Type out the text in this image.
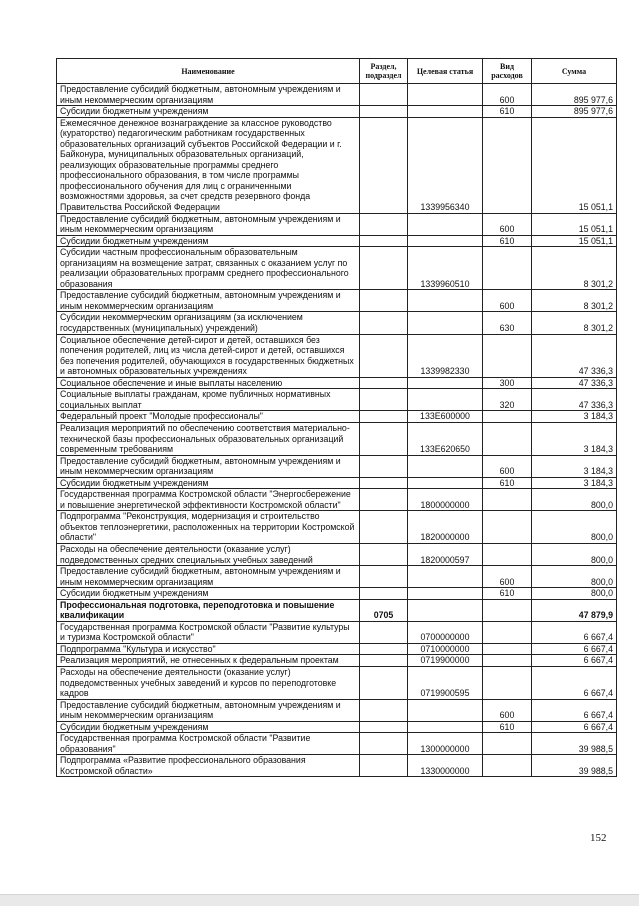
Наименование	Раздел, подраздел	Целевая статья	Вид расходов	Сумма
Предоставление субсидий бюджетным, автономным учреждениям и иным некоммерческим организациям			600	895 977,6
Субсидии бюджетным учреждениям			610	895 977,6
Ежемесячное денежное вознаграждение за классное руководство (кураторство) педагогическим работникам государственных образовательных организаций субъектов Российской Федерации и г. Байконура, муниципальных образовательных организаций, реализующих образовательные программы среднего профессионального образования, в том числе программы профессионального обучения для лиц с ограниченными возможностями здоровья, за счет средств резервного фонда Правительства Российской Федерации		1339956340		15 051,1
Предоставление субсидий бюджетным, автономным учреждениям и иным некоммерческим организациям			600	15 051,1
Субсидии бюджетным учреждениям			610	15 051,1
Субсидии частным профессиональным образовательным организациям на возмещение затрат, связанных с оказанием услуг по реализации образовательных программ среднего профессионального образования		1339960510		8 301,2
Предоставление субсидий бюджетным, автономным учреждениям и иным некоммерческим организациям			600	8 301,2
Субсидии некоммерческим организациям (за исключением государственных (муниципальных) учреждений)			630	8 301,2
Социальное обеспечение детей-сирот и детей, оставшихся без попечения родителей, лиц из числа детей-сирот и детей, оставшихся без попечения родителей, обучающихся в государственных бюджетных и автономных образовательных учреждениях		1339982330		47 336,3
Социальное обеспечение и иные выплаты населению			300	47 336,3
Социальные выплаты гражданам, кроме публичных нормативных социальных выплат			320	47 336,3
Федеральный проект "Молодые профессионалы"		133Е600000		3 184,3
Реализация мероприятий по обеспечению соответствия материально-технической базы профессиональных образовательных организаций современным требованиям		133Е620650		3 184,3
Предоставление субсидий бюджетным, автономным учреждениям и иным некоммерческим организациям			600	3 184,3
Субсидии бюджетным учреждениям			610	3 184,3
Государственная программа Костромской области "Энергосбережение и повышение энергетической эффективности Костромской области"		1800000000		800,0
Подпрограмма "Реконструкция, модернизация и строительство объектов теплоэнергетики, расположенных на территории Костромской области"		1820000000		800,0
Расходы на обеспечение деятельности (оказание услуг) подведомственных средних специальных учебных заведений		1820000597		800,0
Предоставление субсидий бюджетным, автономным учреждениям и иным некоммерческим организациям			600	800,0
Субсидии бюджетным учреждениям			610	800,0
Профессиональная подготовка, переподготовка и повышение квалификации	0705			47 879,9
Государственная программа Костромской области "Развитие культуры и туризма Костромской области"		0700000000		6 667,4
Подпрограмма "Культура и искусство"		0710000000		6 667,4
Реализация мероприятий, не отнесенных к федеральным проектам		0719900000		6 667,4
Расходы на обеспечение деятельности (оказание услуг) подведомственных учебных заведений и курсов по переподготовке кадров		0719900595		6 667,4
Предоставление субсидий бюджетным, автономным учреждениям и иным некоммерческим организациям			600	6 667,4
Субсидии бюджетным учреждениям			610	6 667,4
Государственная программа Костромской области "Развитие образования"		1300000000		39 988,5
Подпрограмма «Развитие профессионального образования Костромской области»		1330000000		39 988,5
152
